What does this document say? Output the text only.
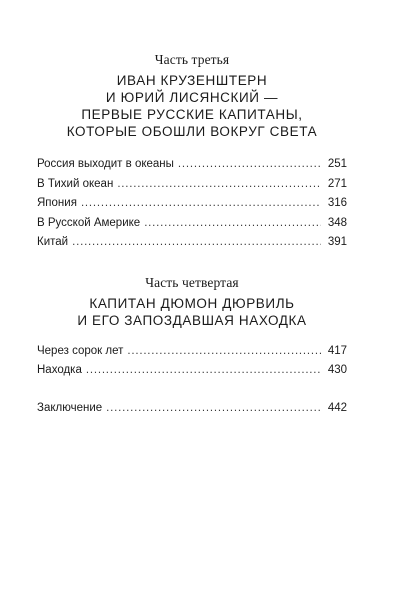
Часть третья
ИВАН КРУЗЕНШТЕРН
И ЮРИЙ ЛИСЯНСКИЙ —
ПЕРВЫЕ РУССКИЕ КАПИТАНЫ,
КОТОРЫЕ ОБОШЛИ ВОКРУГ СВЕТА
Россия выходит в океаны . . .	251
В Тихий океан . . .	271
Япония . . .	316
В Русской Америке . . .	348
Китай . . .	391
Часть четвертая
КАПИТАН ДЮМОН ДЮРВИЛЬ
И ЕГО ЗАПОЗДАВШАЯ НАХОДКА
Через сорок лет . . .	417
Находка . . .	430
Заключение . . .	442
